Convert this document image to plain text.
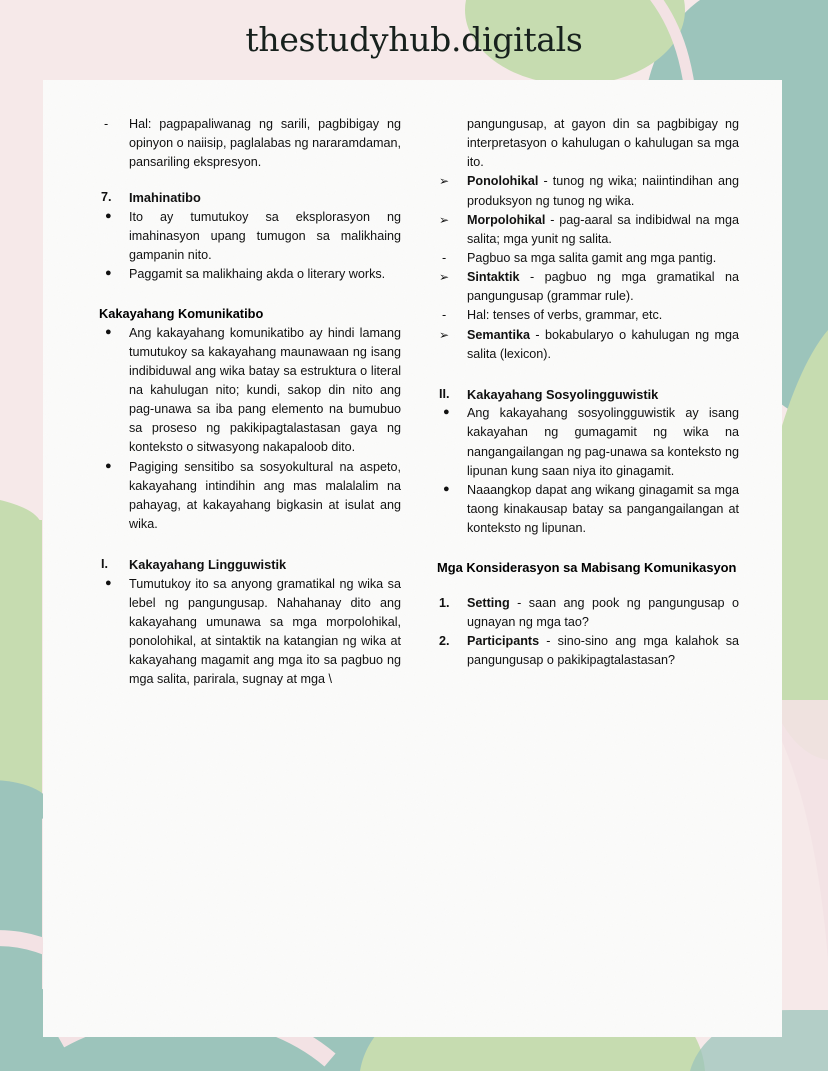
thestudyhub.digitals
-	Hal: pagpapaliwanag ng sarili, pagbibigay ng opinyon o naiisip, paglalabas ng nararamdaman, pansariling ekspresyon.
7.	Imahinatibo
●	Ito ay tumutukoy sa eksplorasyon ng imahinasyon upang tumugon sa malikhaing gampanin nito.
●	Paggamit sa malikhaing akda o literary works.
Kakayahang Komunikatibo
●	Ang kakayahang komunikatibo ay hindi lamang tumutukoy sa kakayahang maunawaan ng isang indibiduwal ang wika batay sa estruktura o literal na kahulugan nito; kundi, sakop din nito ang pag-unawa sa iba pang elemento na bumubuo sa proseso ng pakikipagtalastasan gaya ng konteksto o sitwasyong nakapaloob dito.
●	Pagiging sensitibo sa sosyokultural na aspeto, kakayahang intindihin ang mas malalalim na pahayag, at kakayahang bigkasin at isulat ang wika.
I.	Kakayahang Lingguwistik
●	Tumutukoy ito sa anyong gramatikal ng wika sa lebel ng pangungusap. Nahahanay dito ang kakayahang umunawa sa mga morpolohikal, ponolohikal, at sintaktik na katangian ng wika at kakayahang magamit ang mga ito sa pagbuo ng mga salita, parirala, sugnay at mga \
pangungusap, at gayon din sa pagbibigay ng interpretasyon o kahulugan o kahulugan sa mga ito.
➢	Ponolohikal - tunog ng wika; naiintindihan ang produksyon ng tunog ng wika.
➢	Morpolohikal - pag-aaral sa indibidwal na mga salita; mga yunit ng salita.
-	Pagbuo sa mga salita gamit ang mga pantig.
➢	Sintaktik - pagbuo ng mga gramatikal na pangungusap (grammar rule).
-	Hal: tenses of verbs, grammar, etc.
➢	Semantika - bokabularyo o kahulugan ng mga salita (lexicon).
II.	Kakayahang Sosyolingguwistik
●	Ang kakayahang sosyolingguwistik ay isang kakayahan ng gumagamit ng wika na nangangailangan ng pag-unawa sa konteksto ng lipunan kung saan niya ito ginagamit.
●	Naaangkop dapat ang wikang ginagamit sa mga taong kinakausap batay sa pangangailangan at konteksto ng lipunan.
Mga Konsiderasyon sa Mabisang Komunikasyon
1.	Setting - saan ang pook ng pangungusap o ugnayan ng mga tao?
2.	Participants - sino-sino ang mga kalahok sa pangungusap o pakikipagtalastasan?
